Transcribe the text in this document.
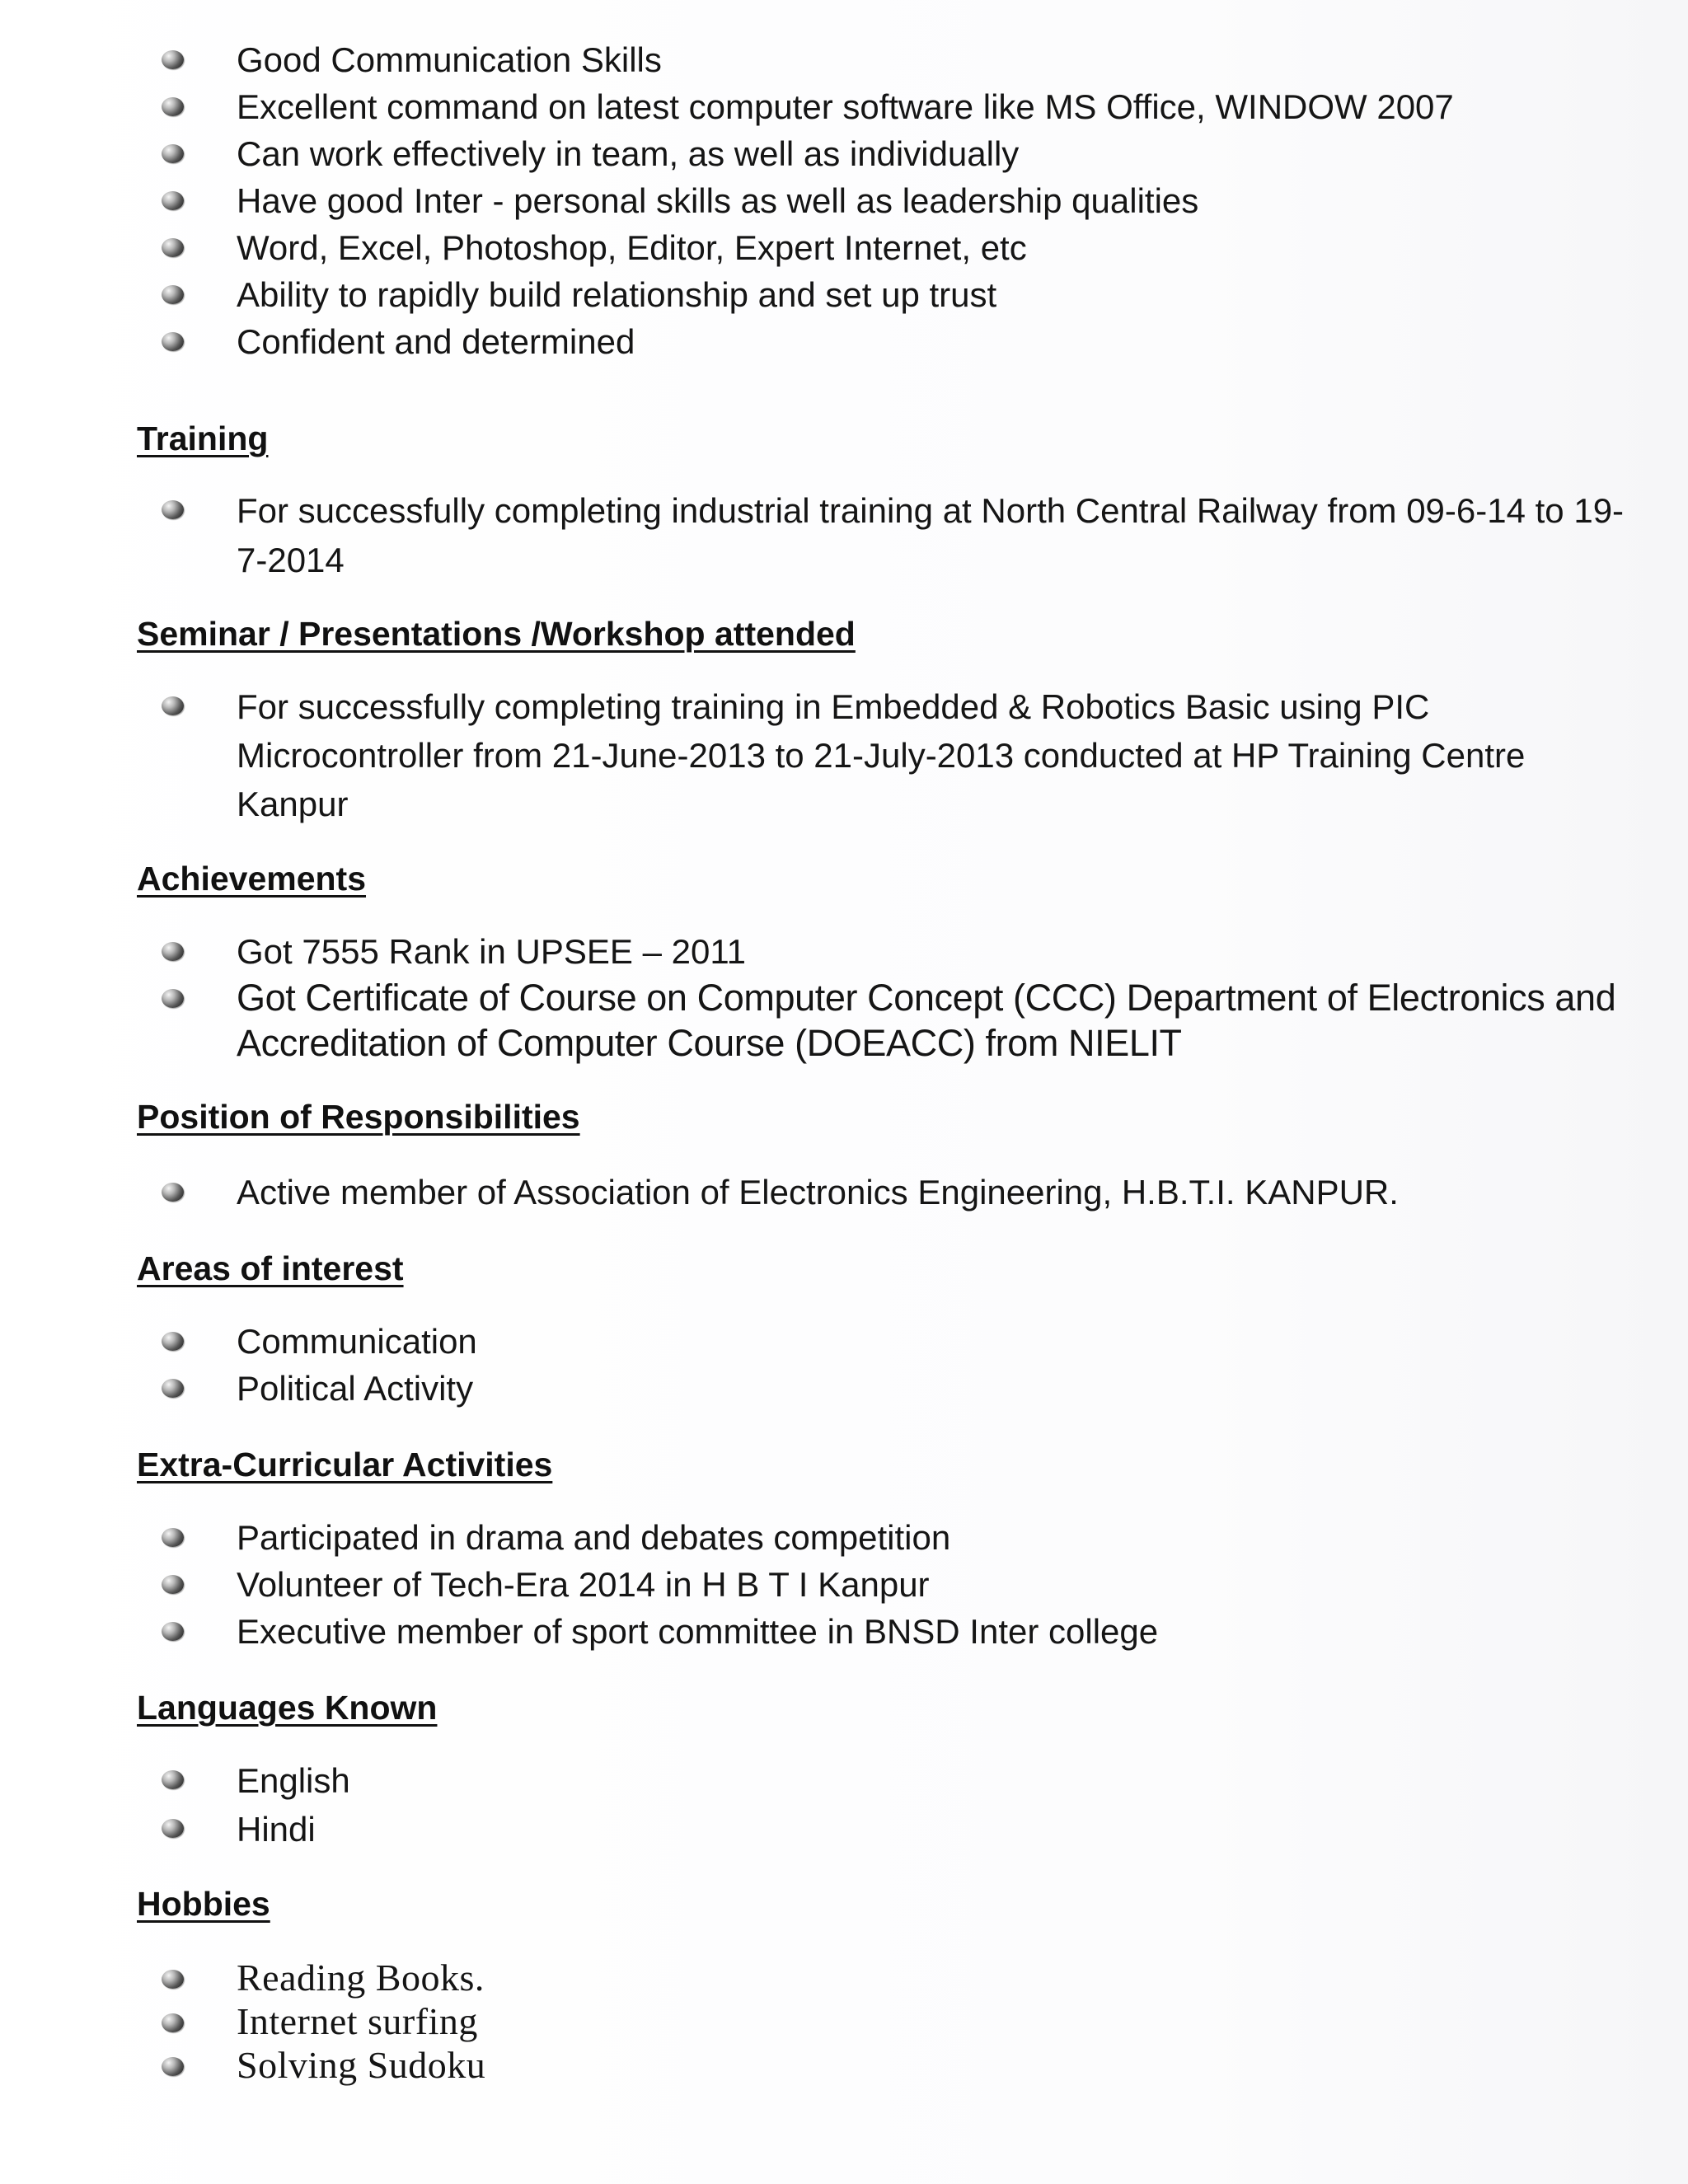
Good Communication Skills
Excellent command on latest computer software like MS Office, WINDOW 2007
Can work effectively in team, as well as individually
Have good Inter - personal skills as well as leadership qualities
Word, Excel, Photoshop, Editor, Expert Internet, etc
Ability to rapidly build relationship and set up trust
Confident and determined
Training
For successfully completing industrial training at North Central Railway from 09-6-14 to 19-7-2014
Seminar / Presentations /Workshop attended
For successfully completing training in Embedded & Robotics Basic using PIC Microcontroller from 21-June-2013 to 21-July-2013 conducted at HP Training Centre Kanpur
Achievements
Got 7555 Rank in UPSEE – 2011
Got Certificate of Course on Computer Concept (CCC) Department of Electronics and Accreditation of Computer Course (DOEACC) from NIELIT
Position of Responsibilities
Active member of Association of Electronics Engineering, H.B.T.I. KANPUR.
Areas of interest
Communication
Political Activity
Extra-Curricular Activities
Participated in drama and debates competition
Volunteer of Tech-Era 2014 in H B T I Kanpur
Executive member of sport committee in BNSD Inter college
Languages Known
English
Hindi
Hobbies
Reading Books.
Internet surfing
Solving Sudoku
